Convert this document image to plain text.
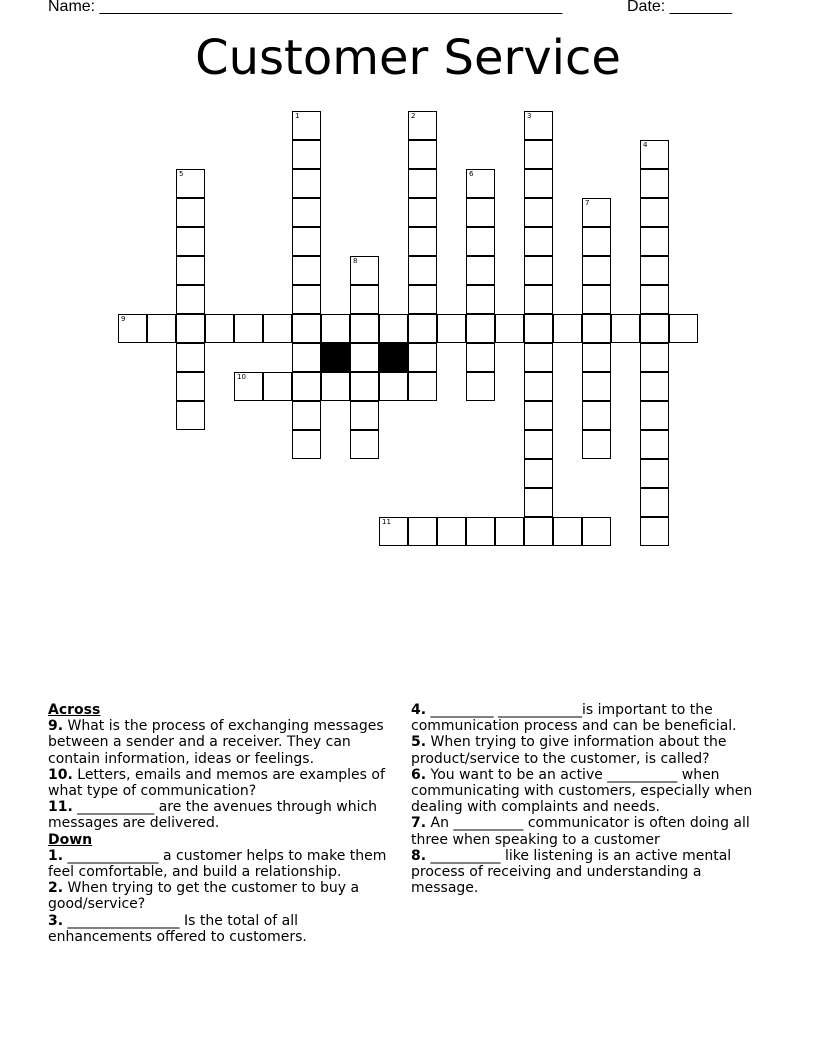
Name: ____________________________________________________	Date: _______
Customer Service
1	2	3
4
5	6
7
8
9
10
11
Across
9. What is the process of exchanging messages between a sender and a receiver. They can contain information, ideas or feelings.
10. Letters, emails and memos are examples of what type of communication?
11. ___________ are the avenues through which messages are delivered.
Down
1. _____________ a customer helps to make them feel comfortable, and build a relationship.
2. When trying to get the customer to buy a good/service?
3. ________________ Is the total of all enhancements offered to customers.
4. _________ ____________is important to the communication process and can be beneficial.
5. When trying to give information about the product/service to the customer, is called?
6. You want to be an active __________ when communicating with customers, especially when dealing with complaints and needs.
7. An __________ communicator is often doing all three when speaking to a customer
8. __________ like listening is an active mental process of receiving and understanding a message.
